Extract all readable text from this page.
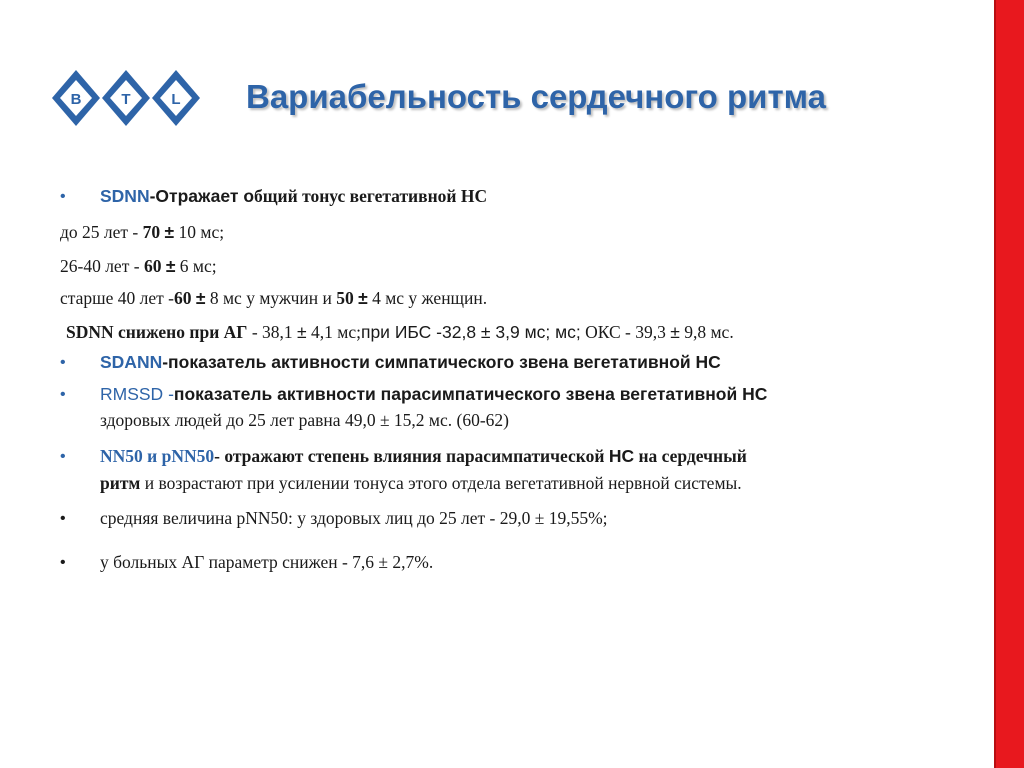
B	T	L Вариабельность сердечного ритма
•	SDNN-Отражает общий тонус вегетативной НС
до 25 лет - 70 ± 10 мс;
26-40 лет - 60 ± 6 мс;
старше 40 лет -60 ± 8 мс у мужчин и 50 ± 4 мс у женщин.
SDNN снижено при АГ - 38,1 ± 4,1 мс;при ИБС -32,8 ± 3,9 мс; мс; ОКС - 39,3 ± 9,8 мс.
•	SDANN-показатель активности симпатического звена вегетативной НС
•	RMSSD -показатель активности парасимпатического звена вегетативной НС
здоровых людей до 25 лет равна 49,0 ± 15,2 мс. (60-62)
•	NN50 и pNN50- отражают степень влияния парасимпатической НС на сердечный
ритм и возрастают при усилении тонуса этого отдела вегетативной нервной системы.
•	средняя величина pNN50: у здоровых лиц до 25 лет - 29,0 ± 19,55%;
•	у больных АГ параметр снижен - 7,6 ± 2,7%.
